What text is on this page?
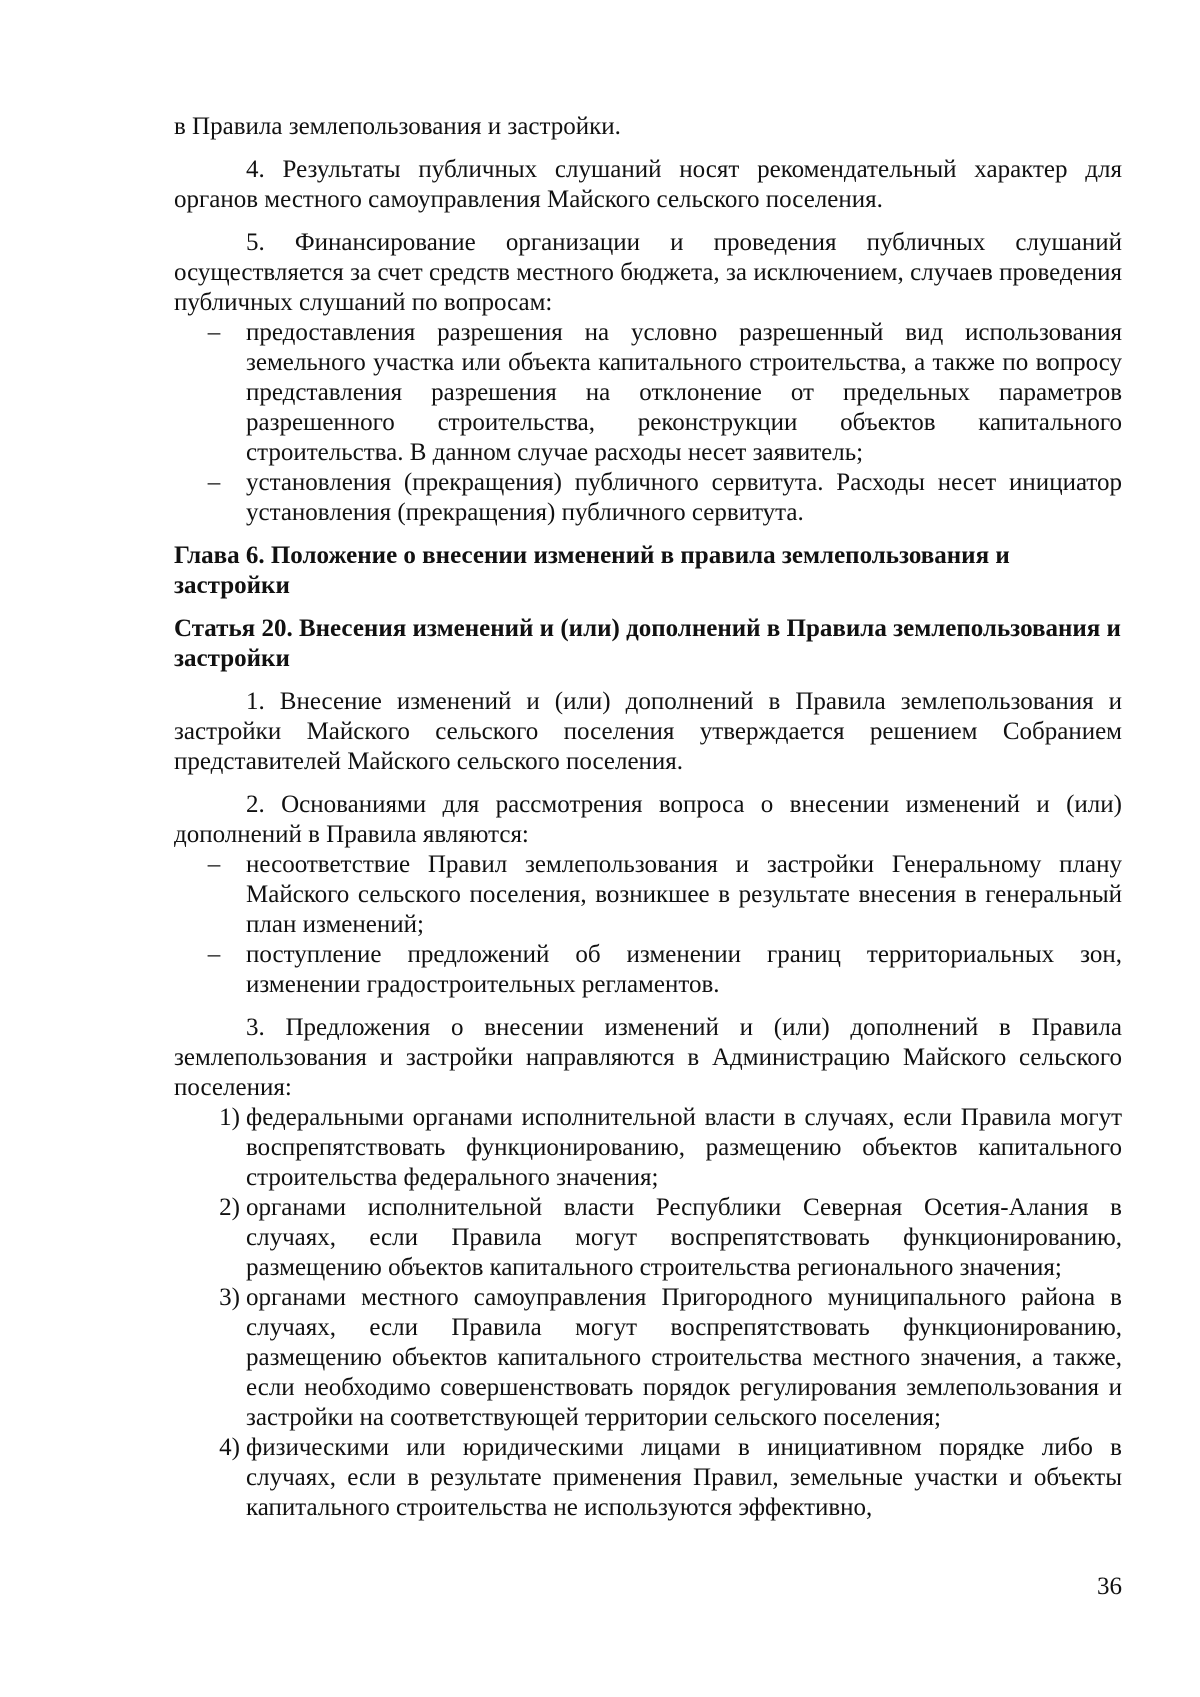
в Правила землепользования и застройки.

4. Результаты публичных слушаний носят рекомендательный характер для органов местного самоуправления Майского сельского поселения.

5. Финансирование организации и проведения публичных слушаний осуществляется за счет средств местного бюджета, за исключением, случаев проведения публичных слушаний по вопросам:

– предоставления разрешения на условно разрешенный вид использования земельного участка или объекта капитального строительства, а также по вопросу представления разрешения на отклонение от предельных параметров разрешенного строительства, реконструкции объектов капитального строительства. В данном случае расходы несет заявитель;
– установления (прекращения) публичного сервитута. Расходы несет инициатор установления (прекращения) публичного сервитута.

Глава 6. Положение о внесении изменений в правила землепользования и застройки

Статья 20. Внесения изменений и (или) дополнений в Правила землепользования и застройки

1. Внесение изменений и (или) дополнений в Правила землепользования и застройки Майского сельского поселения утверждается решением Собранием представителей Майского сельского поселения.

2. Основаниями для рассмотрения вопроса о внесении изменений и (или) дополнений в Правила являются:

– несоответствие Правил землепользования и застройки Генеральному плану Майского сельского поселения, возникшее в результате внесения в генеральный план изменений;
– поступление предложений об изменении границ территориальных зон, изменении градостроительных регламентов.

3. Предложения о внесении изменений и (или) дополнений в Правила землепользования и застройки направляются в Администрацию Майского сельского поселения:

1) федеральными органами исполнительной власти в случаях, если Правила могут воспрепятствовать функционированию, размещению объектов капитального строительства федерального значения;
2) органами исполнительной власти Республики Северная Осетия-Алания в случаях, если Правила могут воспрепятствовать функционированию, размещению объектов капитального строительства регионального значения;
3) органами местного самоуправления Пригородного муниципального района в случаях, если Правила могут воспрепятствовать функционированию, размещению объектов капитального строительства местного значения, а также, если необходимо совершенствовать порядок регулирования землепользования и застройки на соответствующей территории сельского поселения;
4) физическими или юридическими лицами в инициативном порядке либо в случаях, если в результате применения Правил, земельные участки и объекты капитального строительства не используются эффективно,
36
